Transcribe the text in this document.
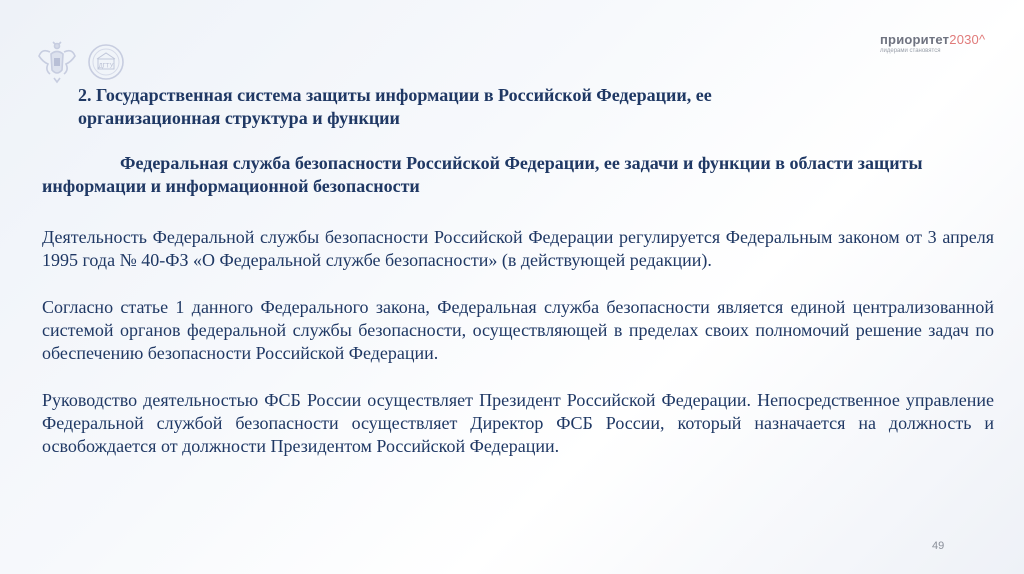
ДГТУ
приоритет2030^
лидерами становятся
2. Государственная система защиты информации в Российской Федерации, ее организационная структура и функции
Федеральная служба безопасности Российской Федерации, ее задачи и функции в области защиты информации и информационной безопасности
Деятельность Федеральной службы безопасности Российской Федерации регулируется Федеральным законом от 3 апреля 1995 года № 40-ФЗ «О Федеральной службе безопасности» (в действующей редакции).
Согласно статье 1 данного Федерального закона, Федеральная служба безопасности является единой централизованной системой органов федеральной службы безопасности, осуществляющей в пределах своих полномочий решение задач по обеспечению безопасности Российской Федерации.
Руководство деятельностью ФСБ России осуществляет Президент Российской Федерации. Непосредственное управление Федеральной службой безопасности осуществляет Директор ФСБ России, который назначается на должность и освобождается от должности Президентом Российской Федерации.
49
